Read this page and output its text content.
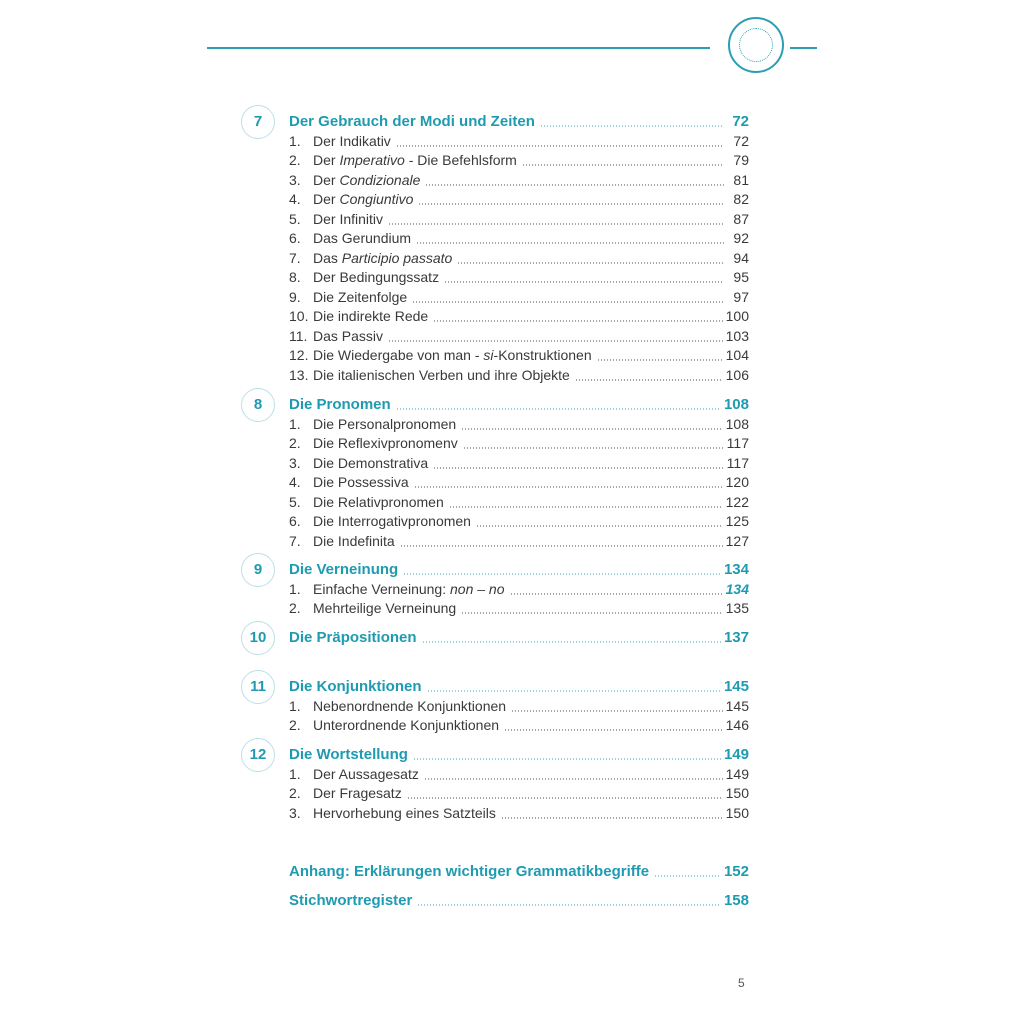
7	Der Gebrauch der Modi und Zeiten	72
1. Der Indikativ	72
2. Der Imperativo - Die Befehlsform	79
3. Der Condizionale	81
4. Der Congiuntivo	82
5. Der Infinitiv	87
6. Das Gerundium	92
7. Das Participio passato	94
8. Der Bedingungssatz	95
9. Die Zeitenfolge	97
10. Die indirekte Rede	100
11. Das Passiv	103
12. Die Wiedergabe von man - si-Konstruktionen	104
13. Die italienischen Verben und ihre Objekte	106
8	Die Pronomen	108
1. Die Personalpronomen	108
2. Die Reflexivpronomenv	117
3. Die Demonstrativa	117
4. Die Possessiva	120
5. Die Relativpronomen	122
6. Die Interrogativpronomen	125
7. Die Indefinita	127
9	Die Verneinung	134
1. Einfache Verneinung: non – no	134
2. Mehrteilige Verneinung	135
10	Die Präpositionen	137
11	Die Konjunktionen	145
1. Nebenordnende Konjunktionen	145
2. Unterordnende Konjunktionen	146
12	Die Wortstellung	149
1. Der Aussagesatz	149
2. Der Fragesatz	150
3. Hervorhebung eines Satzteils	150
Anhang: Erklärungen wichtiger Grammatikbegriffe	152
Stichwortregister	158
5
